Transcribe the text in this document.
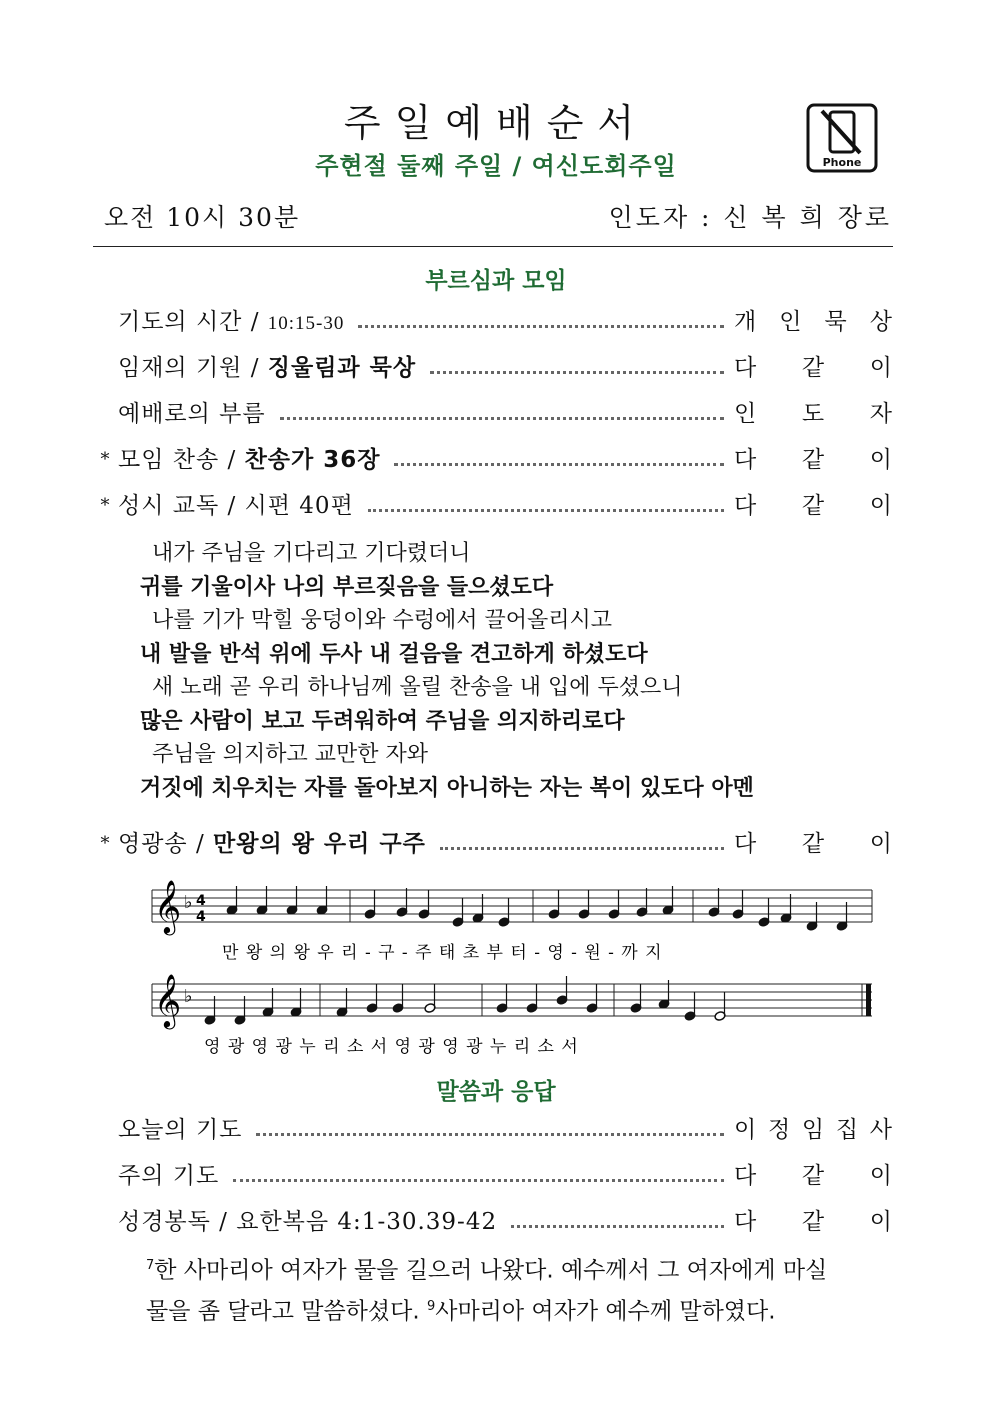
주일예배순서
주현절 둘째 주일 / 여신도회주일	Phone
오전 10시 30분	인도자 : 신 복 희 장로
부르심과 모임
기도의 시간 / 10:15-30	개 인 묵 상
임재의 기원 / 징울림과 묵상	다 같 이
예배로의 부름	인 도 자
* 모임 찬송 / 찬송가 36장	다 같 이
* 성시 교독 / 시편 40편	다 같 이
내가 주님을 기다리고 기다렸더니
귀를 기울이사 나의 부르짖음을 들으셨도다
나를 기가 막힐 웅덩이와 수렁에서 끌어올리시고
내 발을 반석 위에 두사 내 걸음을 견고하게 하셨도다
새 노래 곧 우리 하나님께 올릴 찬송을 내 입에 두셨으니
많은 사람이 보고 두려워하여 주님을 의지하리로다
주님을 의지하고 교만한 자와
거짓에 치우치는 자를 돌아보지 아니하는 자는 복이 있도다 아멘
* 영광송 / 만왕의 왕 우리 구주	다 같 이
𝄞 ♭ 4
4
만 왕 의 왕 우 리 - 구 - 주 태 초 부 터 - 영 - 원 - 까 지
𝄞 ♭
영 광 영 광 누 리 소 서 영 광 영 광 누 리 소 서
말씀과 응답
오늘의 기도	이 정 임 집 사
주의 기도	다 같 이
성경봉독 / 요한복음 4:1-30.39-42	다 같 이
$^7$한 사마리아 여자가 물을 길으러 나왔다. 예수께서 그 여자에게 마실
물을 좀 달라고 말씀하셨다. $^9$사마리아 여자가 예수께 말하였다.
